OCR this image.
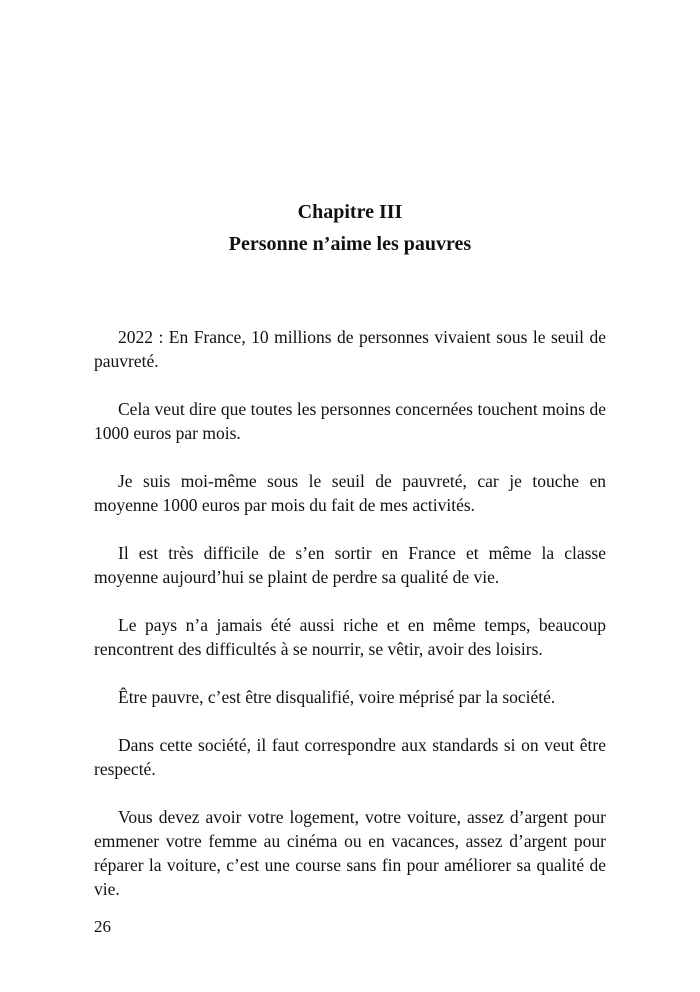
Chapitre III
Personne n’aime les pauvres

2022 : En France, 10 millions de personnes vivaient sous le seuil de pauvreté.

Cela veut dire que toutes les personnes concernées touchent moins de 1000 euros par mois.

Je suis moi-même sous le seuil de pauvreté, car je touche en moyenne 1000 euros par mois du fait de mes activités.

Il est très difficile de s’en sortir en France et même la classe moyenne aujourd’hui se plaint de perdre sa qualité de vie.

Le pays n’a jamais été aussi riche et en même temps, beaucoup rencontrent des difficultés à se nourrir, se vêtir, avoir des loisirs.

Être pauvre, c’est être disqualifié, voire méprisé par la société.

Dans cette société, il faut correspondre aux standards si on veut être respecté.

Vous devez avoir votre logement, votre voiture, assez d’argent pour emmener votre femme au cinéma ou en vacances, assez d’argent pour réparer la voiture, c’est une course sans fin pour améliorer sa qualité de vie.

26
